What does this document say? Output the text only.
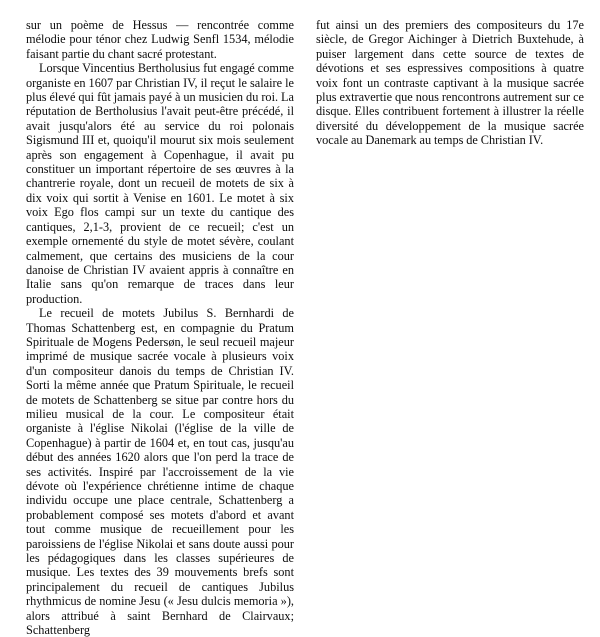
sur un poème de Hessus — rencontrée comme mélodie pour ténor chez Ludwig Senfl 1534, mélodie faisant partie du chant sacré protestant.

Lorsque Vincentius Bertholusius fut engagé comme organiste en 1607 par Christian IV, il reçut le salaire le plus élevé qui fût jamais payé à un musicien du roi. La réputation de Bertholusius l'avait peut-être précédé, il avait jusqu'alors été au service du roi polonais Sigismund III et, quoiqu'il mourut six mois seulement après son engagement à Copenhague, il avait pu constituer un important répertoire de ses œuvres à la chantrerie royale, dont un recueil de motets de six à dix voix qui sortit à Venise en 1601. Le motet à six voix Ego flos campi sur un texte du cantique des cantiques, 2,1-3, provient de ce recueil; c'est un exemple ornementé du style de motet sévère, coulant calmement, que certains des musiciens de la cour danoise de Christian IV avaient appris à connaître en Italie sans qu'on remarque de traces dans leur production.

Le recueil de motets Jubilus S. Bernhardi de Thomas Schattenberg est, en compagnie du Pratum Spirituale de Mogens Pedersøn, le seul recueil majeur imprimé de musique sacrée vocale à plusieurs voix d'un compositeur danois du temps de Christian IV. Sorti la même année que Pratum Spirituale, le recueil de motets de Schattenberg se situe par contre hors du milieu musical de la cour. Le compositeur était organiste à l'église Nikolai (l'église de la ville de Copenhague) à partir de 1604 et, en tout cas, jusqu'au début des années 1620 alors que l'on perd la trace de ses activités. Inspiré par l'accroissement de la vie dévote où l'expérience chrétienne intime de chaque individu occupe une place centrale, Schattenberg a probablement composé ses motets d'abord et avant tout comme musique de recueillement pour les paroissiens de l'église Nikolai et sans doute aussi pour les pédagogiques dans les classes supérieures de musique. Les textes des 39 mouvements brefs sont principalement du recueil de cantiques Jubilus rhythmicus de nomine Jesu (« Jesu dulcis memoria »), alors attribué à saint Bernhard de Clairvaux; Schattenberg

fut ainsi un des premiers des compositeurs du 17e siècle, de Gregor Aichinger à Dietrich Buxtehude, à puiser largement dans cette source de textes de dévotions et ses espressives compositions à quatre voix font un contraste captivant à la musique sacrée plus extravertie que nous rencontrons autrement sur ce disque. Elles contribuent fortement à illustrer la réelle diversité du développement de la musique sacrée vocale au Danemark au temps de Christian IV.
